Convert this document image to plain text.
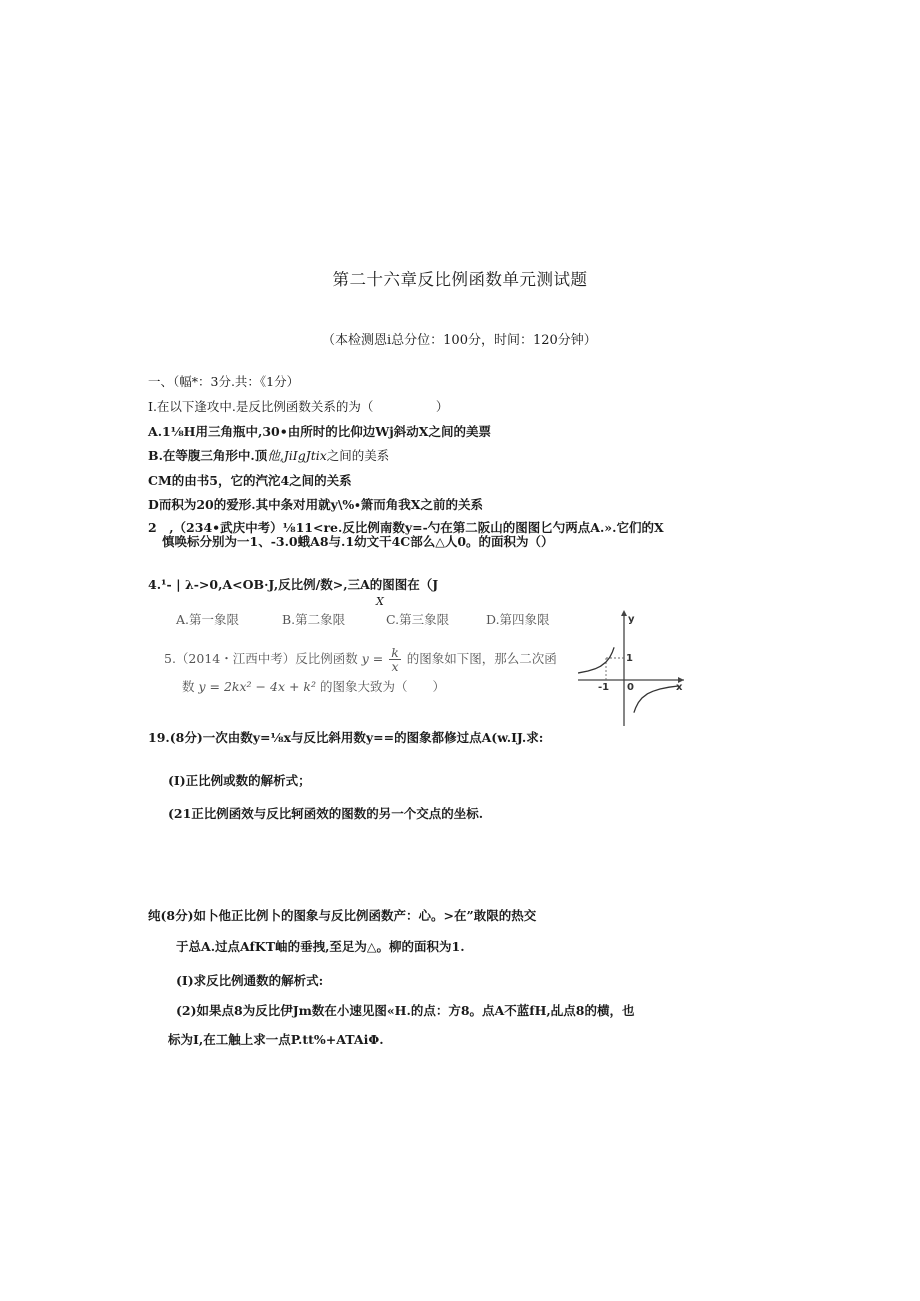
第二十六章反比例函数单元测试题
（本检测恩i总分位：100分，时间：120分钟）
一、（幅*：3分.共：《1分）
I.在以下逢攻中.是反比例函数关系的为（　　　　　）
A.1⅛H用三角瓶中,30•由所时的比仰边Wj斜动X之间的美票
B.在等腹三角形中.顶他,JiIgJtix之间的美系
CM的由书5，它的汽沱4之间的关系
D而积为20的爱形.其中条对用就y\%∙箫而角我X之前的关系
2　,（234•武庆中考）⅛11<re.反比例南数y=-勺在第二阪山的图图匕勺两点A.».它们的X
慎唤标分别为一1、-3.0蛾A8与.1幼文干4C部么△人0。的面积为（）
4.¹- | λ->0,A<OB·J,反比例/数>,三A的图图在（J
X
A.第一象限	B.第二象限	C.第三象限	D.第四象限
5.（2014・江西中考）反比例函数 $y = \frac{k}{x}$ 的图象如下图，那么二次函
数 y = 2kx² − 4x + k² 的图象大致为（　　）
y
x
0
-1
1
19.(8分)一次由数y=⅛x与反比斜用数y==的图象都修过点A(w.IJ.求:
(I)正比例或数的解析式；
(21正比例函效与反比轲函效的图数的另一个交点的坐标.
纯(8分)如卜他正比例卜的图象与反比例函数产：心。>在”敢限的热交
于总A.过点AfKT岫的垂拽,至足为△。柳的面积为1.
(I)求反比例通数的解析式:
(2)如果点8为反比伊Jm数在小速见图«H.的点：方8。点A不蓝fH,乩点8的横，也
标为I,在工触上求一点P.tt%+ATAiΦ.
